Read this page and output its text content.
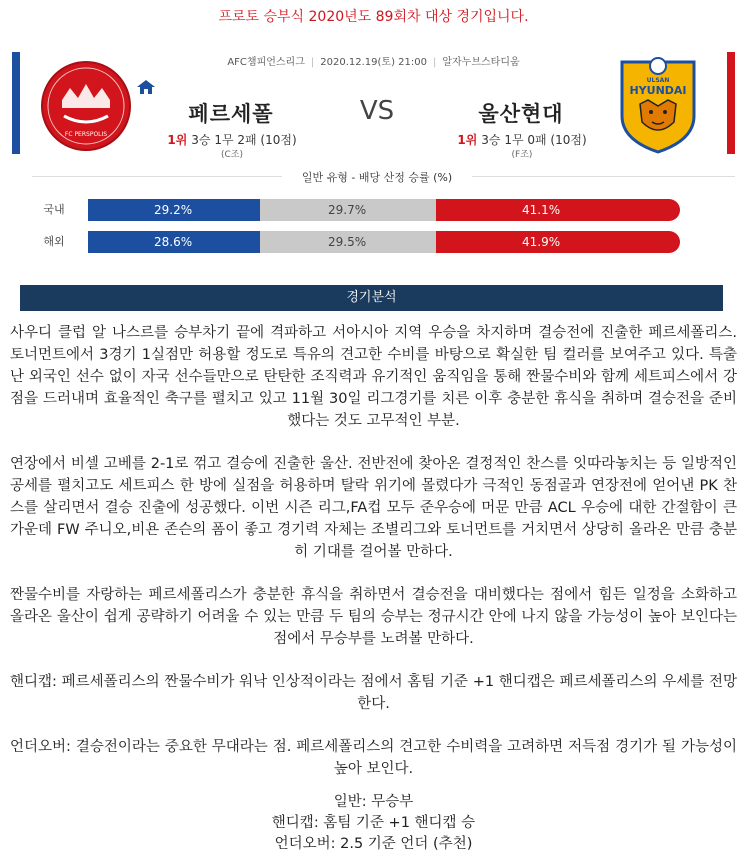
프로토 승부식 2020년도 89회차 대상 경기입니다.
AFC챔피언스리그 | 2020.12.19(토) 21:00 | 알자누브스타디움
FC PERSPOLIS
ULSAN
HYUNDAI
페르세폴	VS	울산현대
1위 3승 1무 2패 (10점)	1위 3승 1무 0패 (10점)
(C조)	(F조)
일반 유형 - 배당 산정 승률 (%)
국내	29.2%	29.7%	41.1%
해외	28.6%	29.5%	41.9%
경기분석

사우디 클럽 알 나스르를 승부차기 끝에 격파하고 서아시아 지역 우승을 차지하며 결승전에 진출한 페르세폴리스. 토너먼트에서 3경기 1실점만 허용할 정도로 특유의 견고한 수비를 바탕으로 확실한 팀 컬러를 보여주고 있다. 특출난 외국인 선수 없이 자국 선수들만으로 탄탄한 조직력과 유기적인 움직임을 통해 짠물수비와 함께 세트피스에서 강점을 드러내며 효율적인 축구를 펼치고 있고 11월 30일 리그경기를 치른 이후 충분한 휴식을 취하며 결승전을 준비했다는 것도 고무적인 부분.

연장에서 비셀 고베를 2-1로 꺾고 결승에 진출한 울산. 전반전에 찾아온 결정적인 찬스를 잇따라놓치는 등 일방적인 공세를 펼치고도 세트피스 한 방에 실점을 허용하며 탈락 위기에 몰렸다가 극적인 동점골과 연장전에 얻어낸 PK 찬스를 살리면서 결승 진출에 성공했다. 이번 시즌 리그,FA컵 모두 준우승에 머문 만큼 ACL 우승에 대한 간절함이 큰 가운데 FW 주니오,비욘 존슨의 폼이 좋고 경기력 자체는 조별리그와 토너먼트를 거치면서 상당히 올라온 만큼 충분히 기대를 걸어볼 만하다.

짠물수비를 자랑하는 페르세폴리스가 충분한 휴식을 취하면서 결승전을 대비했다는 점에서 힘든 일정을 소화하고 올라온 울산이 쉽게 공략하기 어려울 수 있는 만큼 두 팀의 승부는 정규시간 안에 나지 않을 가능성이 높아 보인다는 점에서 무승부를 노려볼 만하다.

핸디캡: 페르세폴리스의 짠물수비가 워낙 인상적이라는 점에서 홈팀 기준 +1 핸디캡은 페르세폴리스의 우세를 전망한다.

언더오버: 결승전이라는 중요한 무대라는 점. 페르세폴리스의 견고한 수비력을 고려하면 저득점 경기가 될 가능성이 높아 보인다.

일반: 무승부
핸디캡: 홈팀 기준 +1 핸디캡 승
언더오버: 2.5 기준 언더 (추천)
